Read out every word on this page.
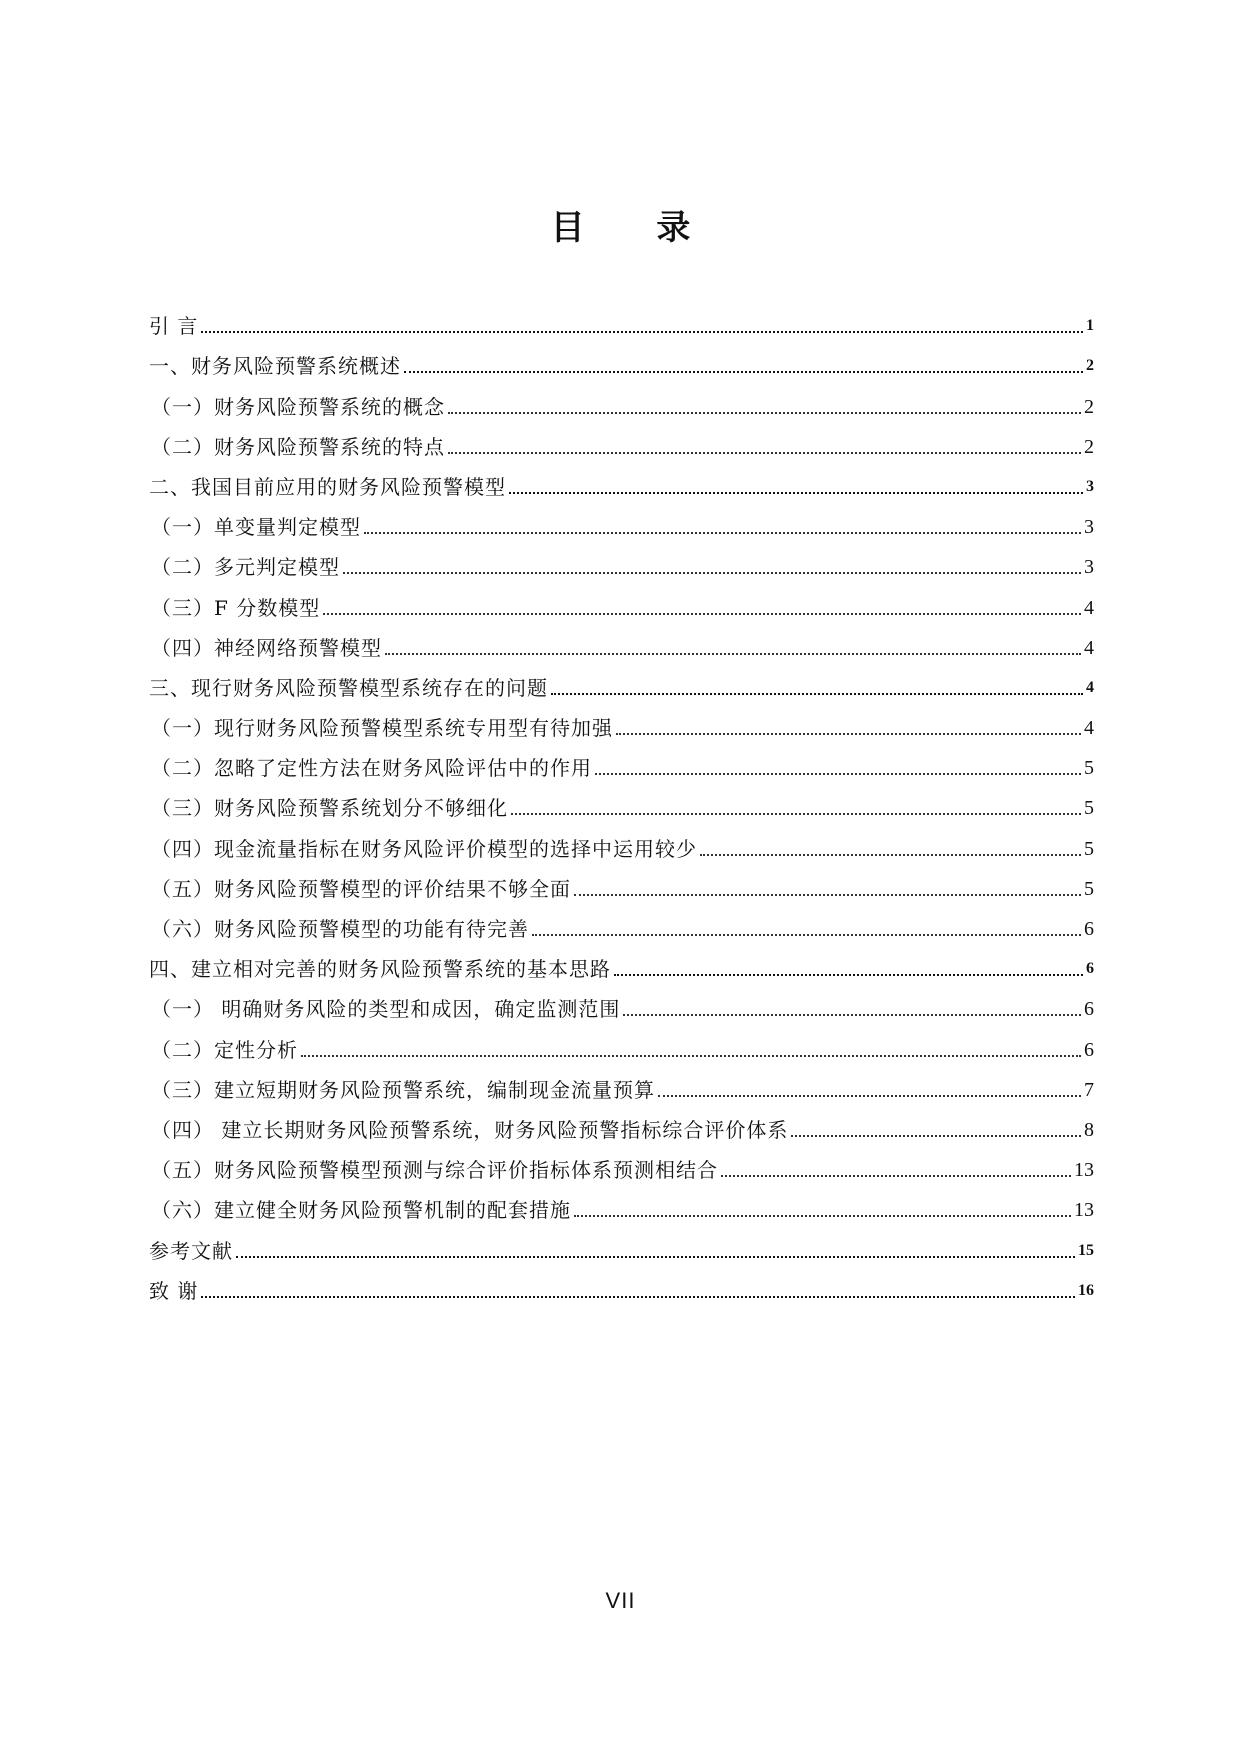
目 录
引 言	1
一、财务风险预警系统概述	2
（一）财务风险预警系统的概念	2
（二）财务风险预警系统的特点	2
二、我国目前应用的财务风险预警模型	3
（一）单变量判定模型	3
（二）多元判定模型	3
（三）F 分数模型	4
（四）神经网络预警模型	4
三、现行财务风险预警模型系统存在的问题	4
（一）现行财务风险预警模型系统专用型有待加强	4
（二）忽略了定性方法在财务风险评估中的作用	5
（三）财务风险预警系统划分不够细化	5
（四）现金流量指标在财务风险评价模型的选择中运用较少	5
（五）财务风险预警模型的评价结果不够全面	5
（六）财务风险预警模型的功能有待完善	6
四、建立相对完善的财务风险预警系统的基本思路	6
（一） 明确财务风险的类型和成因，确定监测范围	6
（二）定性分析	6
（三）建立短期财务风险预警系统，编制现金流量预算	7
（四） 建立长期财务风险预警系统，财务风险预警指标综合评价体系	8
（五）财务风险预警模型预测与综合评价指标体系预测相结合	13
（六）建立健全财务风险预警机制的配套措施	13
参考文献	15
致 谢	16
VII
